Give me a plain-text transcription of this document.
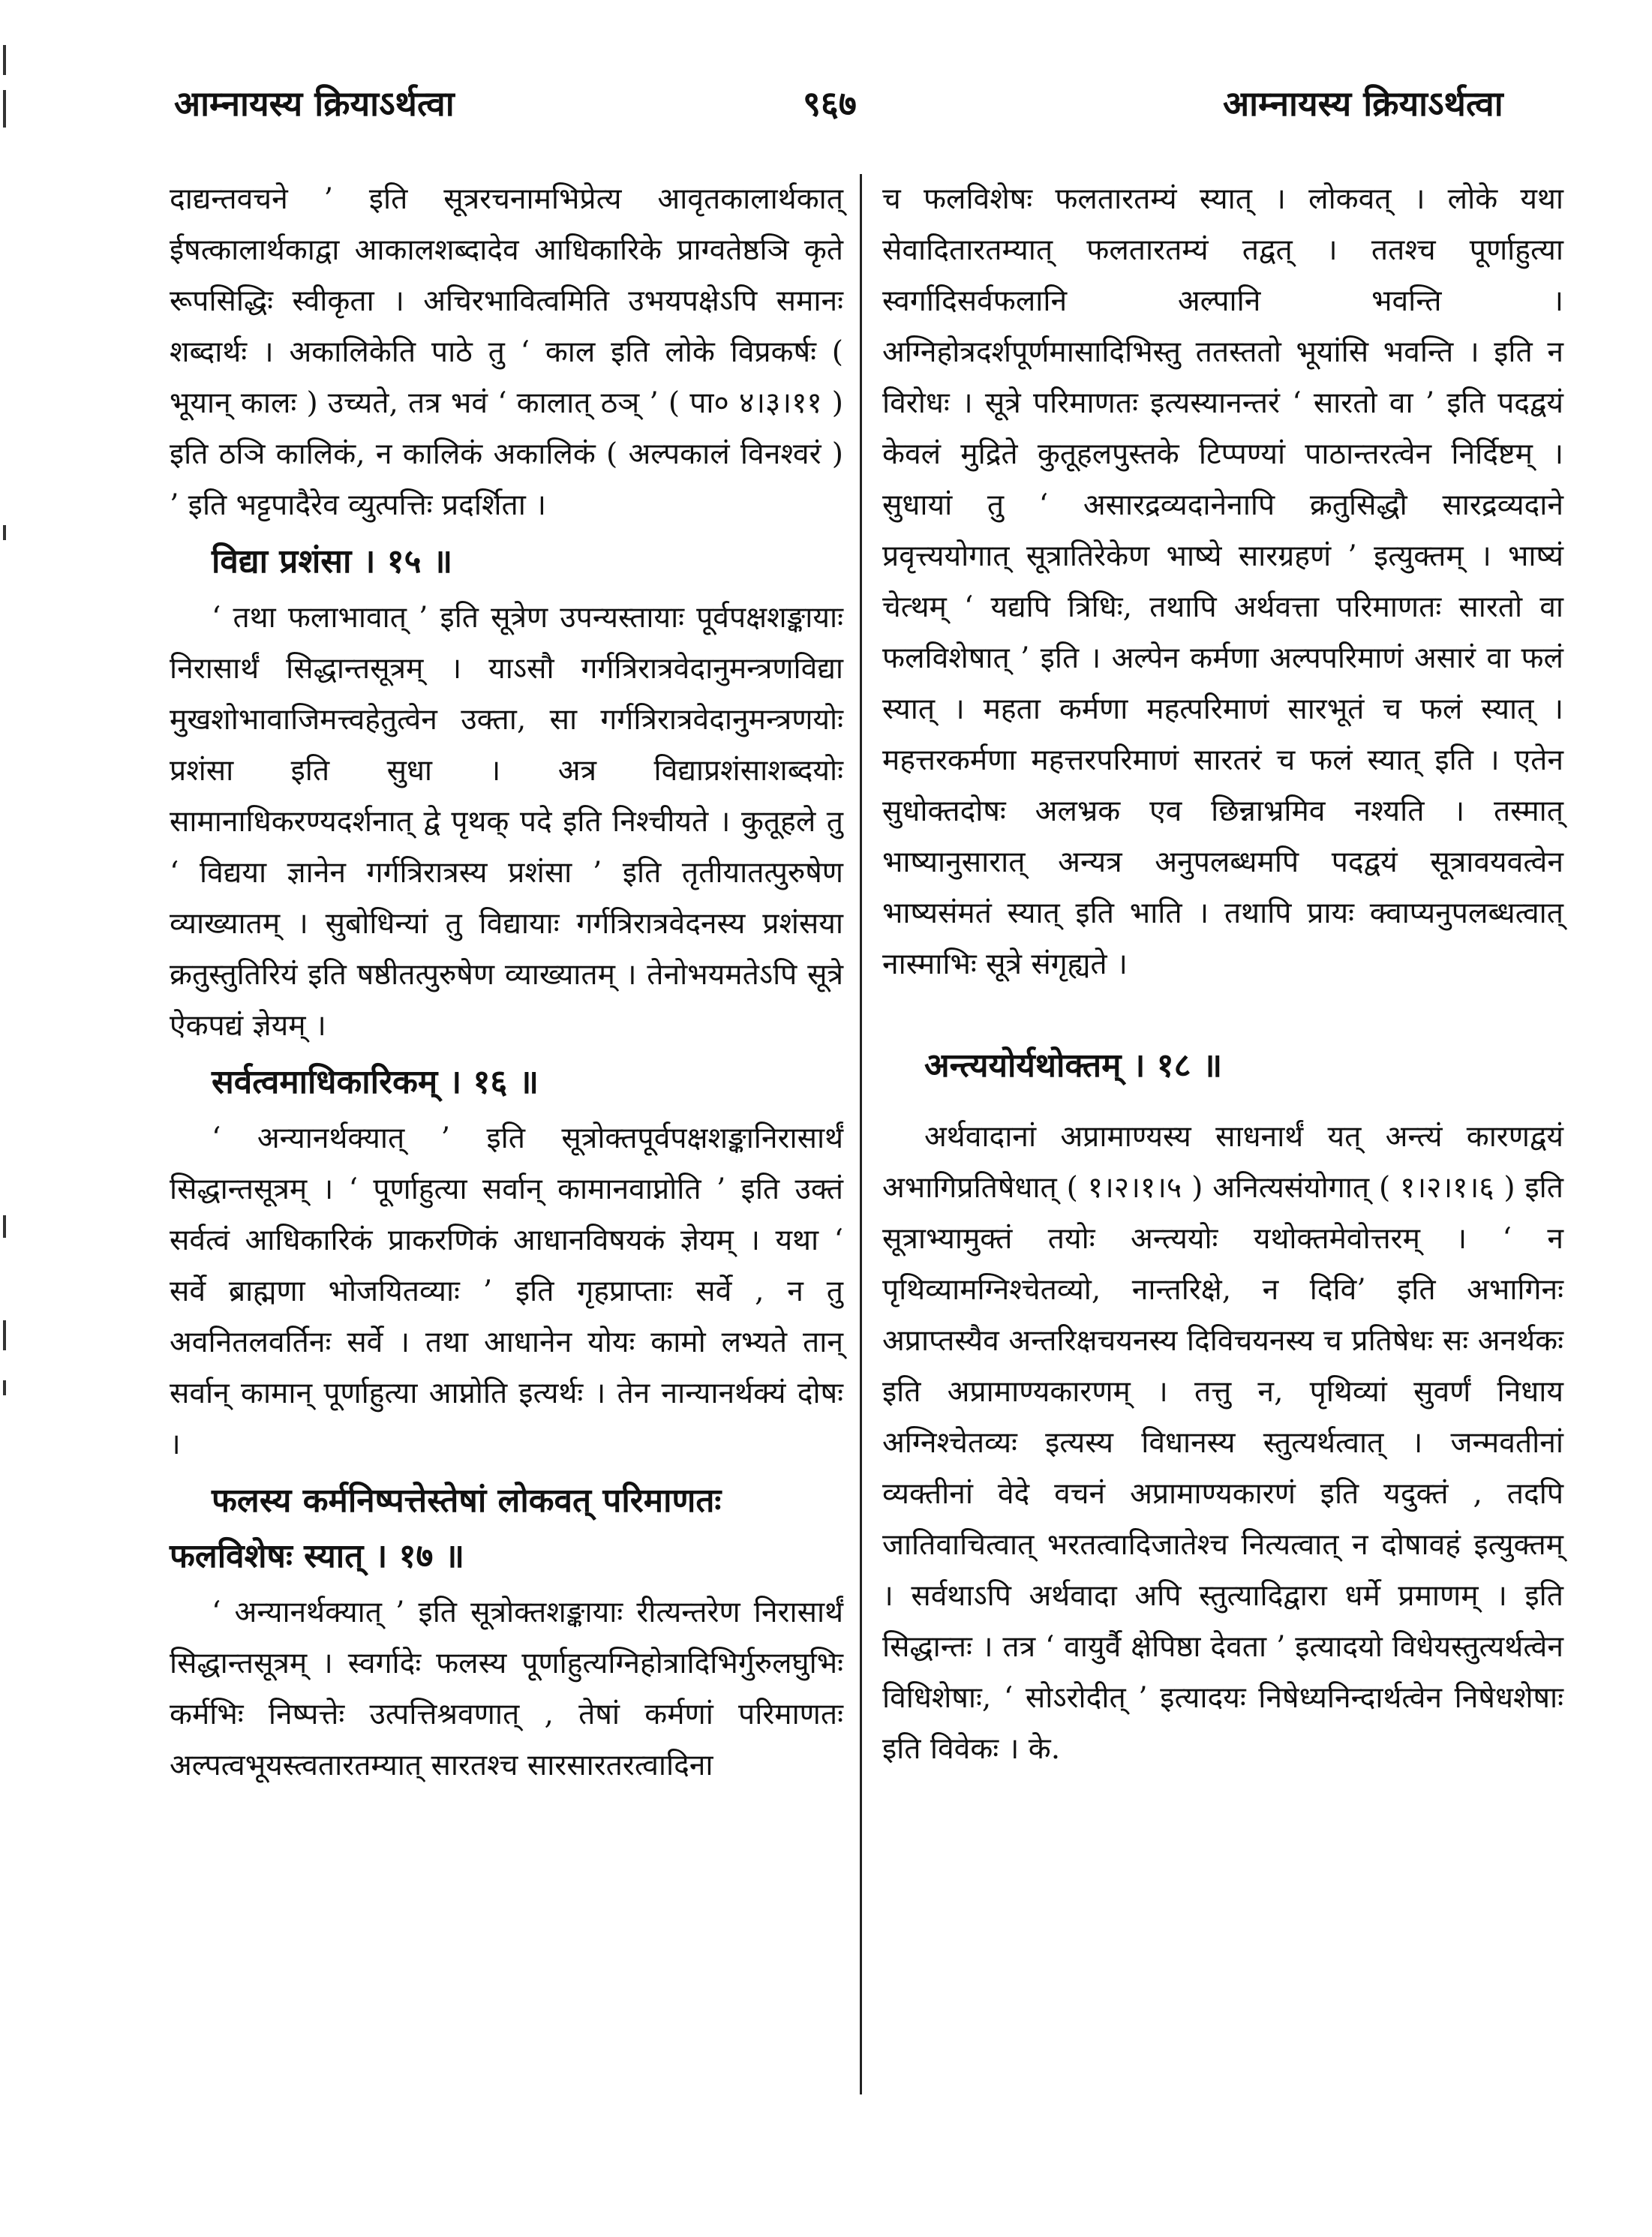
आम्नायस्य क्रियाऽर्थत्वा	९६७	आम्नायस्य क्रियाऽर्थत्वा

दाद्यन्तवचने ’ इति सूत्ररचनामभिप्रेत्य आवृतकालार्थकात् ईषत्कालार्थकाद्वा आकालशब्दादेव आधिकारिके प्राग्वतेष्ठञि कृते रूपसिद्धिः स्वीकृता । अचिरभावित्वमिति उभयपक्षेऽपि समानः शब्दार्थः । अकालिकेति पाठे तु ‘ काल इति लोके विप्रकर्षः ( भूयान् कालः ) उच्यते, तत्र भवं ‘ कालात् ठञ् ’ ( पा० ४।३।११ ) इति ठञि कालिकं, न कालिकं अकालिकं ( अल्पकालं विनश्वरं ) ’ इति भट्टपादैरेव व्युत्पत्तिः प्रदर्शिता ।

विद्या प्रशंसा । १५ ॥

‘ तथा फलाभावात् ’ इति सूत्रेण उपन्यस्तायाः पूर्वपक्षशङ्कायाः निरासार्थं सिद्धान्तसूत्रम् । याऽसौ गर्गत्रिरात्रवेदानुमन्त्रणविद्या मुखशोभावाजिमत्त्वहेतुत्वेन उक्ता, सा गर्गत्रिरात्रवेदानुमन्त्रणयोः प्रशंसा इति सुधा । अत्र विद्याप्रशंसाशब्दयोः सामानाधिकरण्यदर्शनात् द्वे पृथक् पदे इति निश्चीयते । कुतूहले तु ‘ विद्यया ज्ञानेन गर्गत्रिरात्रस्य प्रशंसा ’ इति तृतीयातत्पुरुषेण व्याख्यातम् । सुबोधिन्यां तु विद्यायाः गर्गत्रिरात्रवेदनस्य प्रशंसया क्रतुस्तुतिरियं इति षष्ठीतत्पुरुषेण व्याख्यातम् । तेनोभयमतेऽपि सूत्रे ऐकपद्यं ज्ञेयम् ।

सर्वत्वमाधिकारिकम् । १६ ॥

‘ अन्यानर्थक्यात् ’ इति सूत्रोक्तपूर्वपक्षशङ्कानिरासार्थं सिद्धान्तसूत्रम् । ‘ पूर्णाहुत्या सर्वान् कामानवाप्नोति ’ इति उक्तं सर्वत्वं आधिकारिकं प्राकरणिकं आधानविषयकं ज्ञेयम् । यथा ‘ सर्वे ब्राह्मणा भोजयितव्याः ’ इति गृहप्राप्ताः सर्वे , न तु अवनितलवर्तिनः सर्वे । तथा आधानेन योयः कामो लभ्यते तान् सर्वान् कामान् पूर्णाहुत्या आप्नोति इत्यर्थः । तेन नान्यानर्थक्यं दोषः ।

फलस्य कर्मनिष्पत्तेस्तेषां लोकवत् परिमाणतः फलविशेषः स्यात् । १७ ॥

‘ अन्यानर्थक्यात् ’ इति सूत्रोक्तशङ्कायाः रीत्यन्तरेण निरासार्थं सिद्धान्तसूत्रम् । स्वर्गादेः फलस्य पूर्णाहुत्यग्निहोत्रादिभिर्गुरुलघुभिः कर्मभिः निष्पत्तेः उत्पत्तिश्रवणात् , तेषां कर्मणां परिमाणतः अल्पत्वभूयस्त्वतारतम्यात् सारतश्च सारसारतरत्वादिना

च फलविशेषः फलतारतम्यं स्यात् । लोकवत् । लोके यथा सेवादितारतम्यात् फलतारतम्यं तद्वत् । ततश्च पूर्णाहुत्या स्वर्गादिसर्वफलानि अल्पानि भवन्ति । अग्निहोत्रदर्शपूर्णमासादिभिस्तु ततस्ततो भूयांसि भवन्ति । इति न विरोधः । सूत्रे परिमाणतः इत्यस्यानन्तरं ‘ सारतो वा ’ इति पदद्वयं केवलं मुद्रिते कुतूहलपुस्तके टिप्पण्यां पाठान्तरत्वेन निर्दिष्टम् । सुधायां तु ‘ असारद्रव्यदानेनापि क्रतुसिद्धौ सारद्रव्यदाने प्रवृत्त्ययोगात् सूत्रातिरेकेण भाष्ये सारग्रहणं ’ इत्युक्तम् । भाष्यं चेत्थम् ‘ यद्यपि त्रिधिः, तथापि अर्थवत्ता परिमाणतः सारतो वा फलविशेषात् ’ इति । अल्पेन कर्मणा अल्पपरिमाणं असारं वा फलं स्यात् । महता कर्मणा महत्परिमाणं सारभूतं च फलं स्यात् । महत्तरकर्मणा महत्तरपरिमाणं सारतरं च फलं स्यात् इति । एतेन सुधोक्तदोषः अलभ्रक एव छिन्नाभ्रमिव नश्यति । तस्मात् भाष्यानुसारात् अन्यत्र अनुपलब्धमपि पदद्वयं सूत्रावयवत्वेन भाष्यसंमतं स्यात् इति भाति । तथापि प्रायः क्वाप्यनुपलब्धत्वात् नास्माभिः सूत्रे संगृह्यते ।

अन्त्ययोर्यथोक्तम् । १८ ॥

अर्थवादानां अप्रामाण्यस्य साधनार्थं यत् अन्त्यं कारणद्वयं अभागिप्रतिषेधात् ( १।२।१।५ ) अनित्यसंयोगात् ( १।२।१।६ ) इति सूत्राभ्यामुक्तं तयोः अन्त्ययोः यथोक्तमेवोत्तरम् । ‘ न पृथिव्यामग्निश्चेतव्यो, नान्तरिक्षे, न दिवि’ इति अभागिनः अप्राप्तस्यैव अन्तरिक्षचयनस्य दिविचयनस्य च प्रतिषेधः सः अनर्थकः इति अप्रामाण्यकारणम् । तत्तु न, पृथिव्यां सुवर्णं निधाय अग्निश्चेतव्यः इत्यस्य विधानस्य स्तुत्यर्थत्वात् । जन्मवतीनां व्यक्तीनां वेदे वचनं अप्रामाण्यकारणं इति यदुक्तं , तदपि जातिवाचित्वात् भरतत्वादिजातेश्च नित्यत्वात् न दोषावहं इत्युक्तम् । सर्वथाऽपि अर्थवादा अपि स्तुत्यादिद्वारा धर्मे प्रमाणम् । इति सिद्धान्तः । तत्र ‘ वायुर्वै क्षेपिष्ठा देवता ’ इत्यादयो विधेयस्तुत्यर्थत्वेन विधिशेषाः, ‘ सोऽरोदीत् ’ इत्यादयः निषेध्यनिन्दार्थत्वेन निषेधशेषाः इति विवेकः । के.
